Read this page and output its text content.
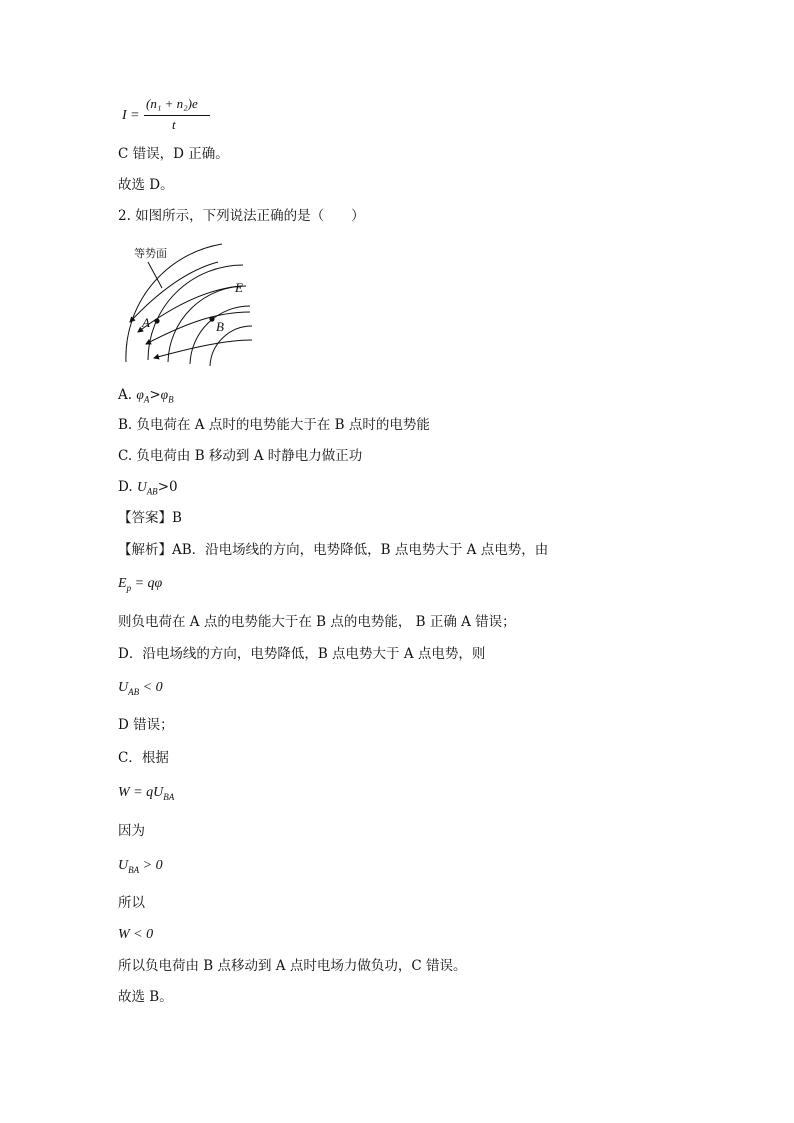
I =
(n₁ + n₂)e
t
C 错误，D 正确。
故选 D。
2. 如图所示，下列说法正确的是（　　）
等势面
E
A	B
A. $\varphi_A>\varphi_B$
B. 负电荷在 A 点时的电势能大于在 B 点时的电势能
C. 负电荷由 B 移动到 A 时静电力做正功
D. $U_{AB}>0$
【答案】B
【解析】AB．沿电场线的方向，电势降低，B 点电势大于 A 点电势，由
$E_p = q\varphi$
则负电荷在 A 点的电势能大于在 B 点的电势能， B 正确 A 错误；
D．沿电场线的方向，电势降低，B 点电势大于 A 点电势，则
$U_{AB} < 0$
D 错误；
C．根据
$W = qU_{BA}$
因为
$U_{BA} > 0$
所以
W < 0
所以负电荷由 B 点移动到 A 点时电场力做负功，C 错误。
故选 B。
